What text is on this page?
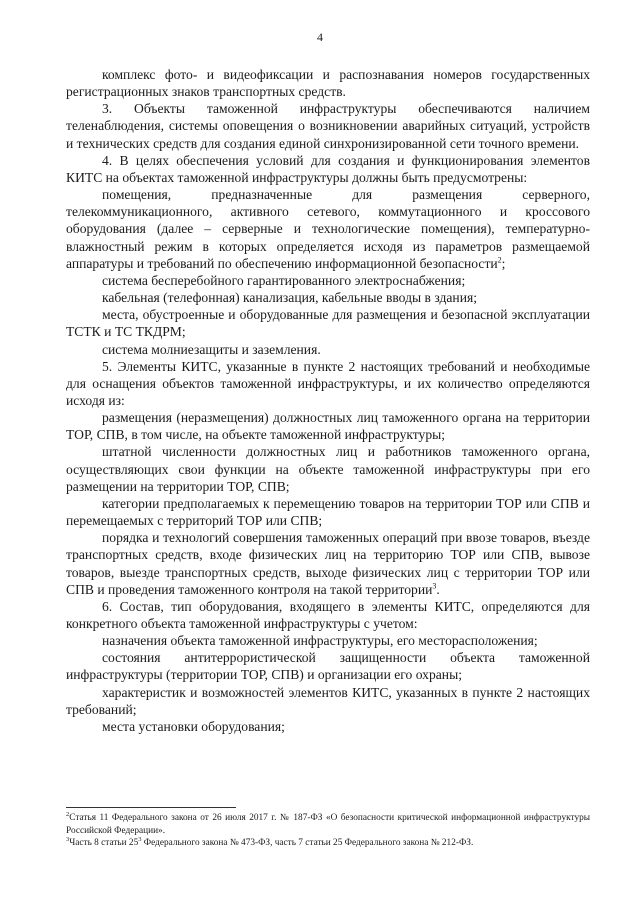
4

комплекс фото- и видеофиксации и распознавания номеров государственных регистрационных знаков транспортных средств.

3. Объекты таможенной инфраструктуры обеспечиваются наличием теленаблюдения, системы оповещения о возникновении аварийных ситуаций, устройств и технических средств для создания единой синхронизированной сети точного времени.

4. В целях обеспечения условий для создания и функционирования элементов КИТС на объектах таможенной инфраструктуры должны быть предусмотрены:

помещения, предназначенные для размещения серверного, телекоммуникационного, активного сетевого, коммутационного и кроссового оборудования (далее – серверные и технологические помещения), температурно-влажностный режим в которых определяется исходя из параметров размещаемой аппаратуры и требований по обеспечению информационной безопасности$^2$;

система бесперебойного гарантированного электроснабжения;

кабельная (телефонная) канализация, кабельные вводы в здания;

места, обустроенные и оборудованные для размещения и безопасной эксплуатации ТСТК и ТС ТКДРМ;

система молниезащиты и заземления.

5. Элементы КИТС, указанные в пункте 2 настоящих требований и необходимые для оснащения объектов таможенной инфраструктуры, и их количество определяются исходя из:

размещения (неразмещения) должностных лиц таможенного органа на территории ТОР, СПВ, в том числе, на объекте таможенной инфраструктуры;

штатной численности должностных лиц и работников таможенного органа, осуществляющих свои функции на объекте таможенной инфраструктуры при его размещении на территории ТОР, СПВ;

категории предполагаемых к перемещению товаров на территории ТОР или СПВ и перемещаемых с территорий ТОР или СПВ;

порядка и технологий совершения таможенных операций при ввозе товаров, въезде транспортных средств, входе физических лиц на территорию ТОР или СПВ, вывозе товаров, выезде транспортных средств, выходе физических лиц с территории ТОР или СПВ и проведения таможенного контроля на такой территории$^3$.

6. Состав, тип оборудования, входящего в элементы КИТС, определяются для конкретного объекта таможенной инфраструктуры с учетом:

назначения объекта таможенной инфраструктуры, его месторасположения;

состояния антитеррористической защищенности объекта таможенной инфраструктуры (территории ТОР, СПВ) и организации его охраны;

характеристик и возможностей элементов КИТС, указанных в пункте 2 настоящих требований;

места установки оборудования;

$^2$Статья 11 Федерального закона от 26 июля 2017 г. № 187-ФЗ «О безопасности критической информационной инфраструктуры Российской Федерации».

$^3$Часть 8 статьи $25^3$ Федерального закона № 473-ФЗ, часть 7 статьи 25 Федерального закона № 212-ФЗ.
